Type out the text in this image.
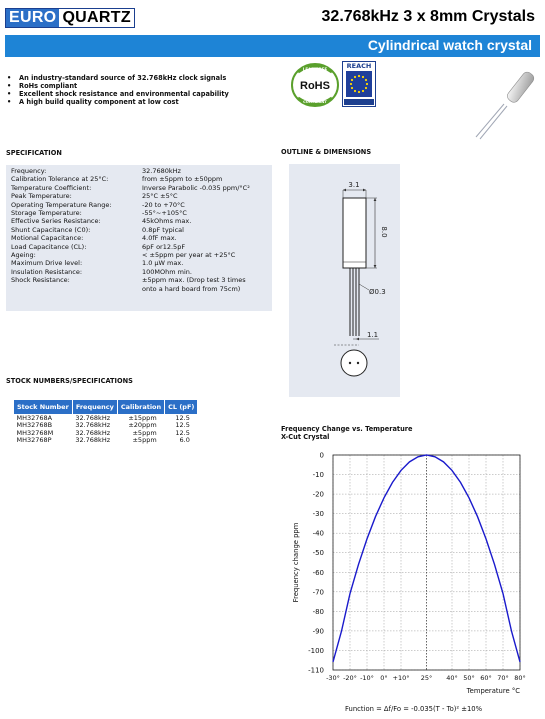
EURO QUARTZ	32.768kHz 3 x 8mm Crystals
Cylindrical watch crystal
• An industry-standard source of 32.768kHz clock signals
• RoHs compliant
• Excellent shock resistance and environmental capability
• A high build quality component at low cost
LEAD FREE
RoHS
COMPLIANT
REACH
COMPLIANCE
SPECIFICATION
Frequency:	32.7680kHz
Calibration Tolerance at 25°C:	from ±5ppm to ±50ppm
Temperature Coefficient:	Inverse Parabolic -0.035 ppm/°C²
Peak Temperature:	25°C ±5°C
Operating Temperature Range:	-20 to +70°C
Storage Temperature:	-55°~+105°C
Effective Series Resistance:	45kOhms max.
Shunt Capacitance (C0):	0.8pF typical
Motional Capacitance:	4.0fF max.
Load Capacitance (CL):	6pF or12.5pF
Ageing:	< ±5ppm per year at +25°C
Maximum Drive level:	1.0 µW max.
Insulation Resistance:	100MOhm min.
Shock Resistance:	±5ppm max. (Drop test 3 times
onto a hard board from 75cm)
OUTLINE & DIMENSIONS
3.1
8.0
Ø0.3
1.1
STOCK NUMBERS/SPECIFICATIONS
Stock Number	Frequency	Calibration	CL (pF)
MH32768A	32.768kHz	±15ppm	12.5
MH32768B	32.768kHz	±20ppm	12.5
MH32768M	32.768kHz	±5ppm	12.5
MH32768P	32.768kHz	±5ppm	6.0
Frequency Change vs. Temperature
X-Cut Crystal
0
-10
-20
-30
-40
-50
-60
-70
-80
-90
-100
-110
-30° -20° -10° 0° +10° 25° 40° 50° 60° 70° 80°
Frequency change ppm
Temperature °C
Function = Δf/Fo = -0.035(T - To)² ±10%
